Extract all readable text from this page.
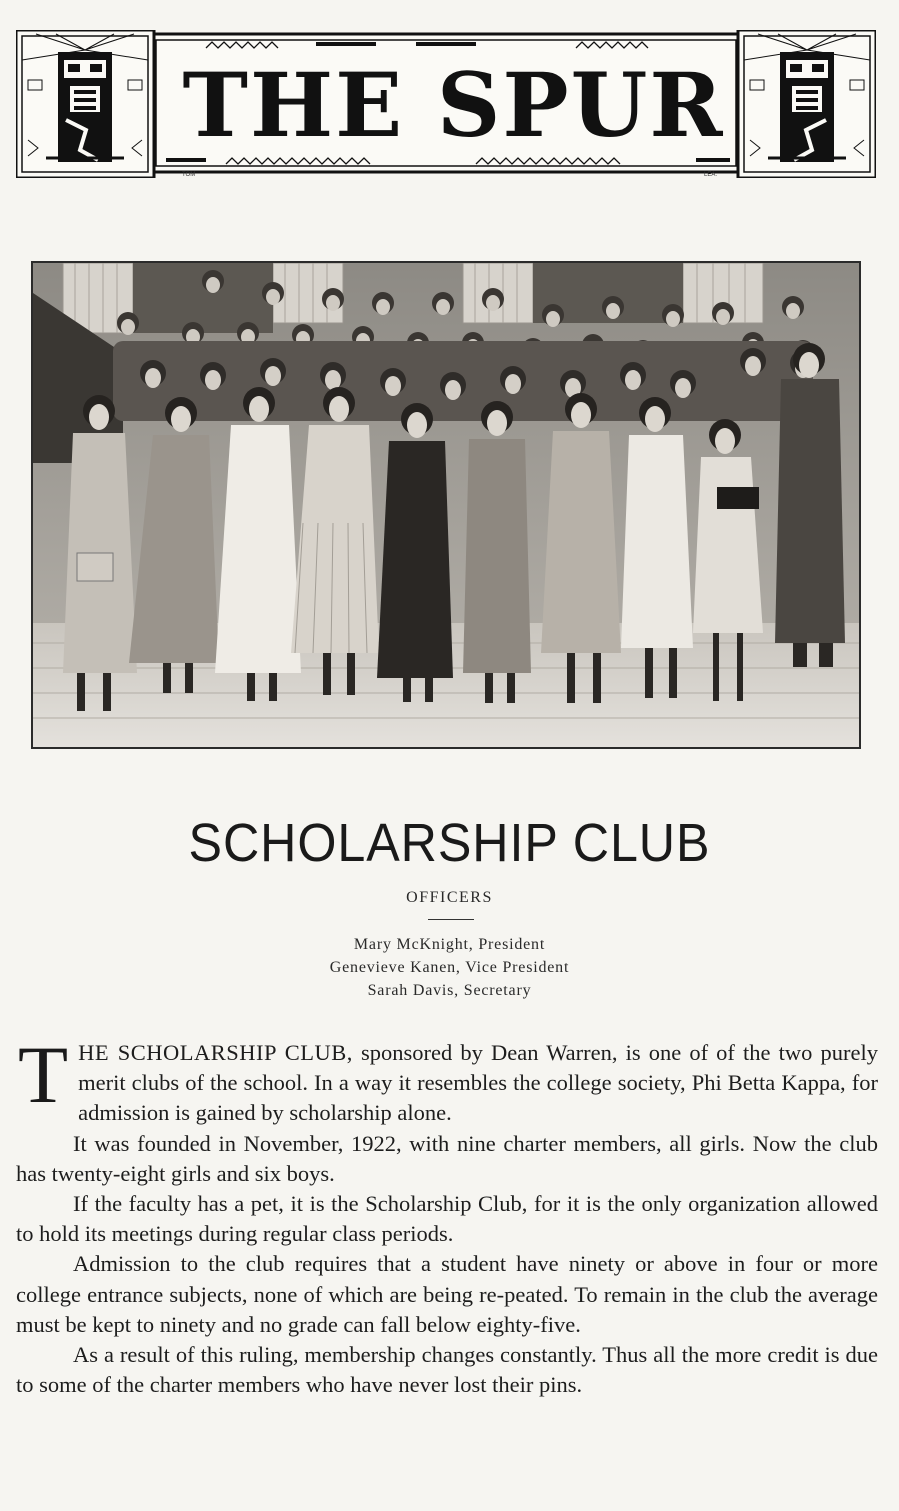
THE SPUR
TOM	LEA.
SCHOLARSHIP CLUB
OFFICERS
Mary McKnight, President
Genevieve Kanen, Vice President
Sarah Davis, Secretary

THE SCHOLARSHIP CLUB, sponsored by Dean Warren, is one of of the two purely merit clubs of the school. In a way it resembles the college society, Phi Betta Kappa, for admission is gained by scholarship alone.

It was founded in November, 1922, with nine charter members, all girls. Now the club has twenty-eight girls and six boys.

If the faculty has a pet, it is the Scholarship Club, for it is the only organization allowed to hold its meetings during regular class periods.

Admission to the club requires that a student have ninety or above in four or more college entrance subjects, none of which are being re-peated. To remain in the club the average must be kept to ninety and no grade can fall below eighty-five.

As a result of this ruling, membership changes constantly. Thus all the more credit is due to some of the charter members who have never lost their pins.
